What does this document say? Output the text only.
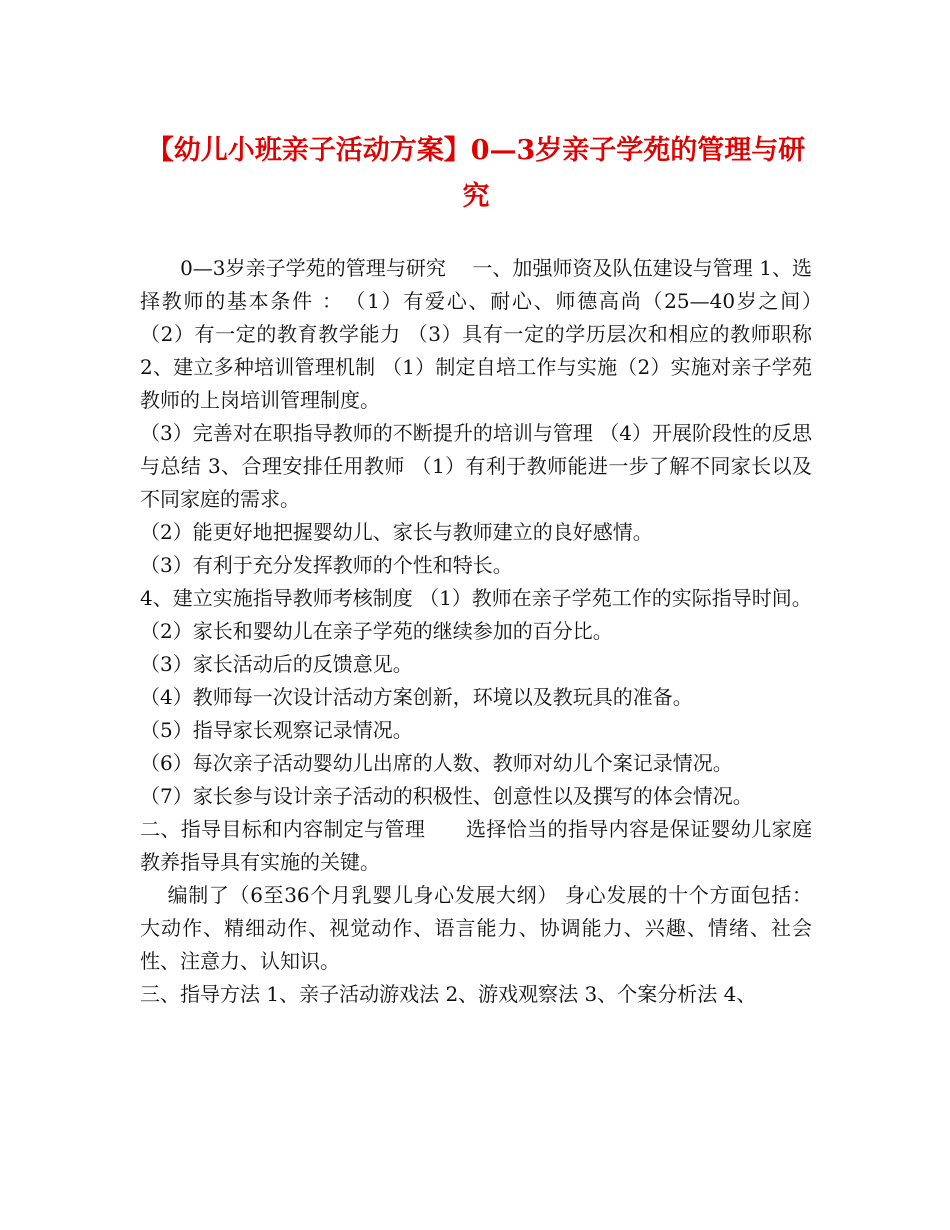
【幼儿小班亲子活动方案】0—3岁亲子学苑的管理与研究

　　0—3岁亲子学苑的管理与研究　 一、加强师资及队伍建设与管理 1、选择教师的基本条件 ：　（1）有爱心、耐心、师德高尚（25—40岁之间）　（2）有一定的教育教学能力 （3）具有一定的学历层次和相应的教师职称 2、建立多种培训管理机制 （1）制定自培工作与实施（2）实施对亲子学苑教师的上岗培训管理制度。

（3）完善对在职指导教师的不断提升的培训与管理 （4）开展阶段性的反思与总结 3、合理安排任用教师 （1）有利于教师能进一步了解不同家长以及不同家庭的需求。

（2）能更好地把握婴幼儿、家长与教师建立的良好感情。

（3）有利于充分发挥教师的个性和特长。

4、建立实施指导教师考核制度 （1）教师在亲子学苑工作的实际指导时间。

（2）家长和婴幼儿在亲子学苑的继续参加的百分比。

（3）家长活动后的反馈意见。

（4）教师每一次设计活动方案创新，环境以及教玩具的准备。

（5）指导家长观察记录情况。

（6）每次亲子活动婴幼儿出席的人数、教师对幼儿个案记录情况。

（7）家长参与设计亲子活动的积极性、创意性以及撰写的体会情况。

二、指导目标和内容制定与管理　　选择恰当的指导内容是保证婴幼儿家庭教养指导具有实施的关键。

　 编制了（6至36个月乳婴儿身心发展大纲） 身心发展的十个方面包括： 大动作、精细动作、视觉动作、语言能力、协调能力、兴趣、情绪、社会性、注意力、认知识。

三、指导方法 1、亲子活动游戏法 2、游戏观察法 3、个案分析法 4、
